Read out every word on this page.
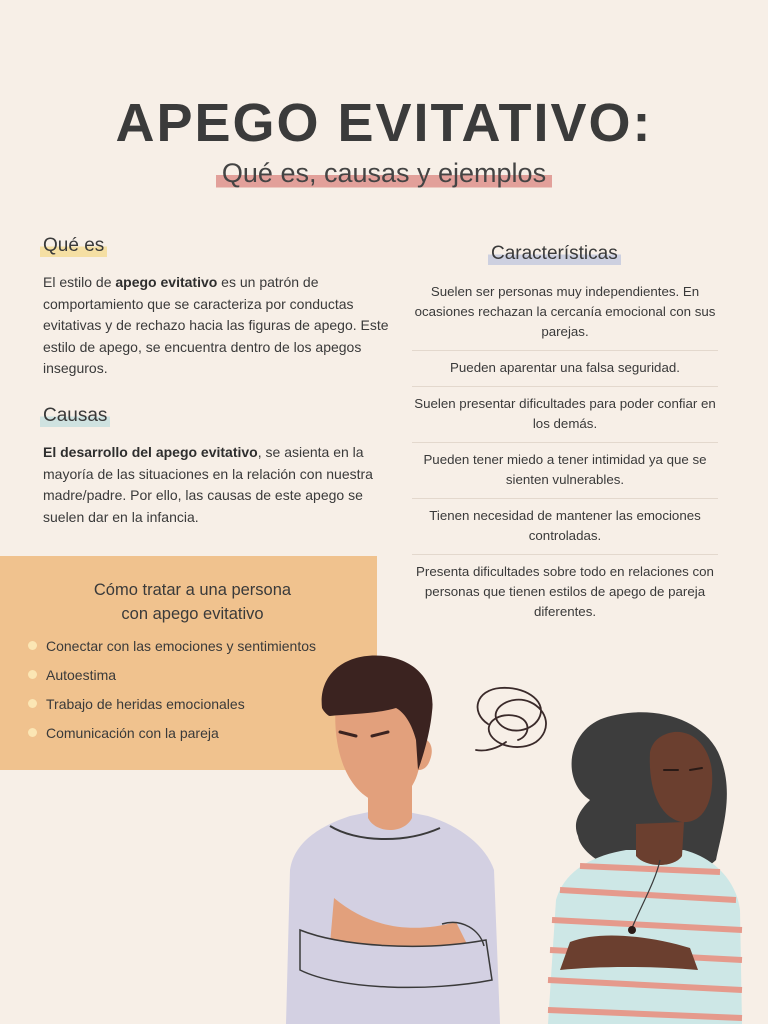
APEGO EVITATIVO:
Qué es, causas y ejemplos
Qué es

El estilo de apego evitativo es un patrón de comportamiento que se caracteriza por conductas evitativas y de rechazo hacia las figuras de apego. Este estilo de apego, se encuentra dentro de los apegos inseguros.

Causas

El desarrollo del apego evitativo, se asienta en la mayoría de las situaciones en la relación con nuestra madre/padre. Por ello, las causas de este apego se suelen dar en la infancia.

Características
Suelen ser personas muy independientes. En ocasiones rechazan la cercanía emocional con sus parejas.
Pueden aparentar una falsa seguridad.
Suelen presentar dificultades para poder confiar en los demás.
Pueden tener miedo a tener intimidad ya que se sienten vulnerables.
Tienen necesidad de mantener las emociones controladas.
Presenta dificultades sobre todo en relaciones con personas que tienen estilos de apego de pareja diferentes.

Cómo tratar a una persona
con apego evitativo

Conectar con las emociones y sentimientos
Autoestima
Trabajo de heridas emocionales
Comunicación con la pareja
